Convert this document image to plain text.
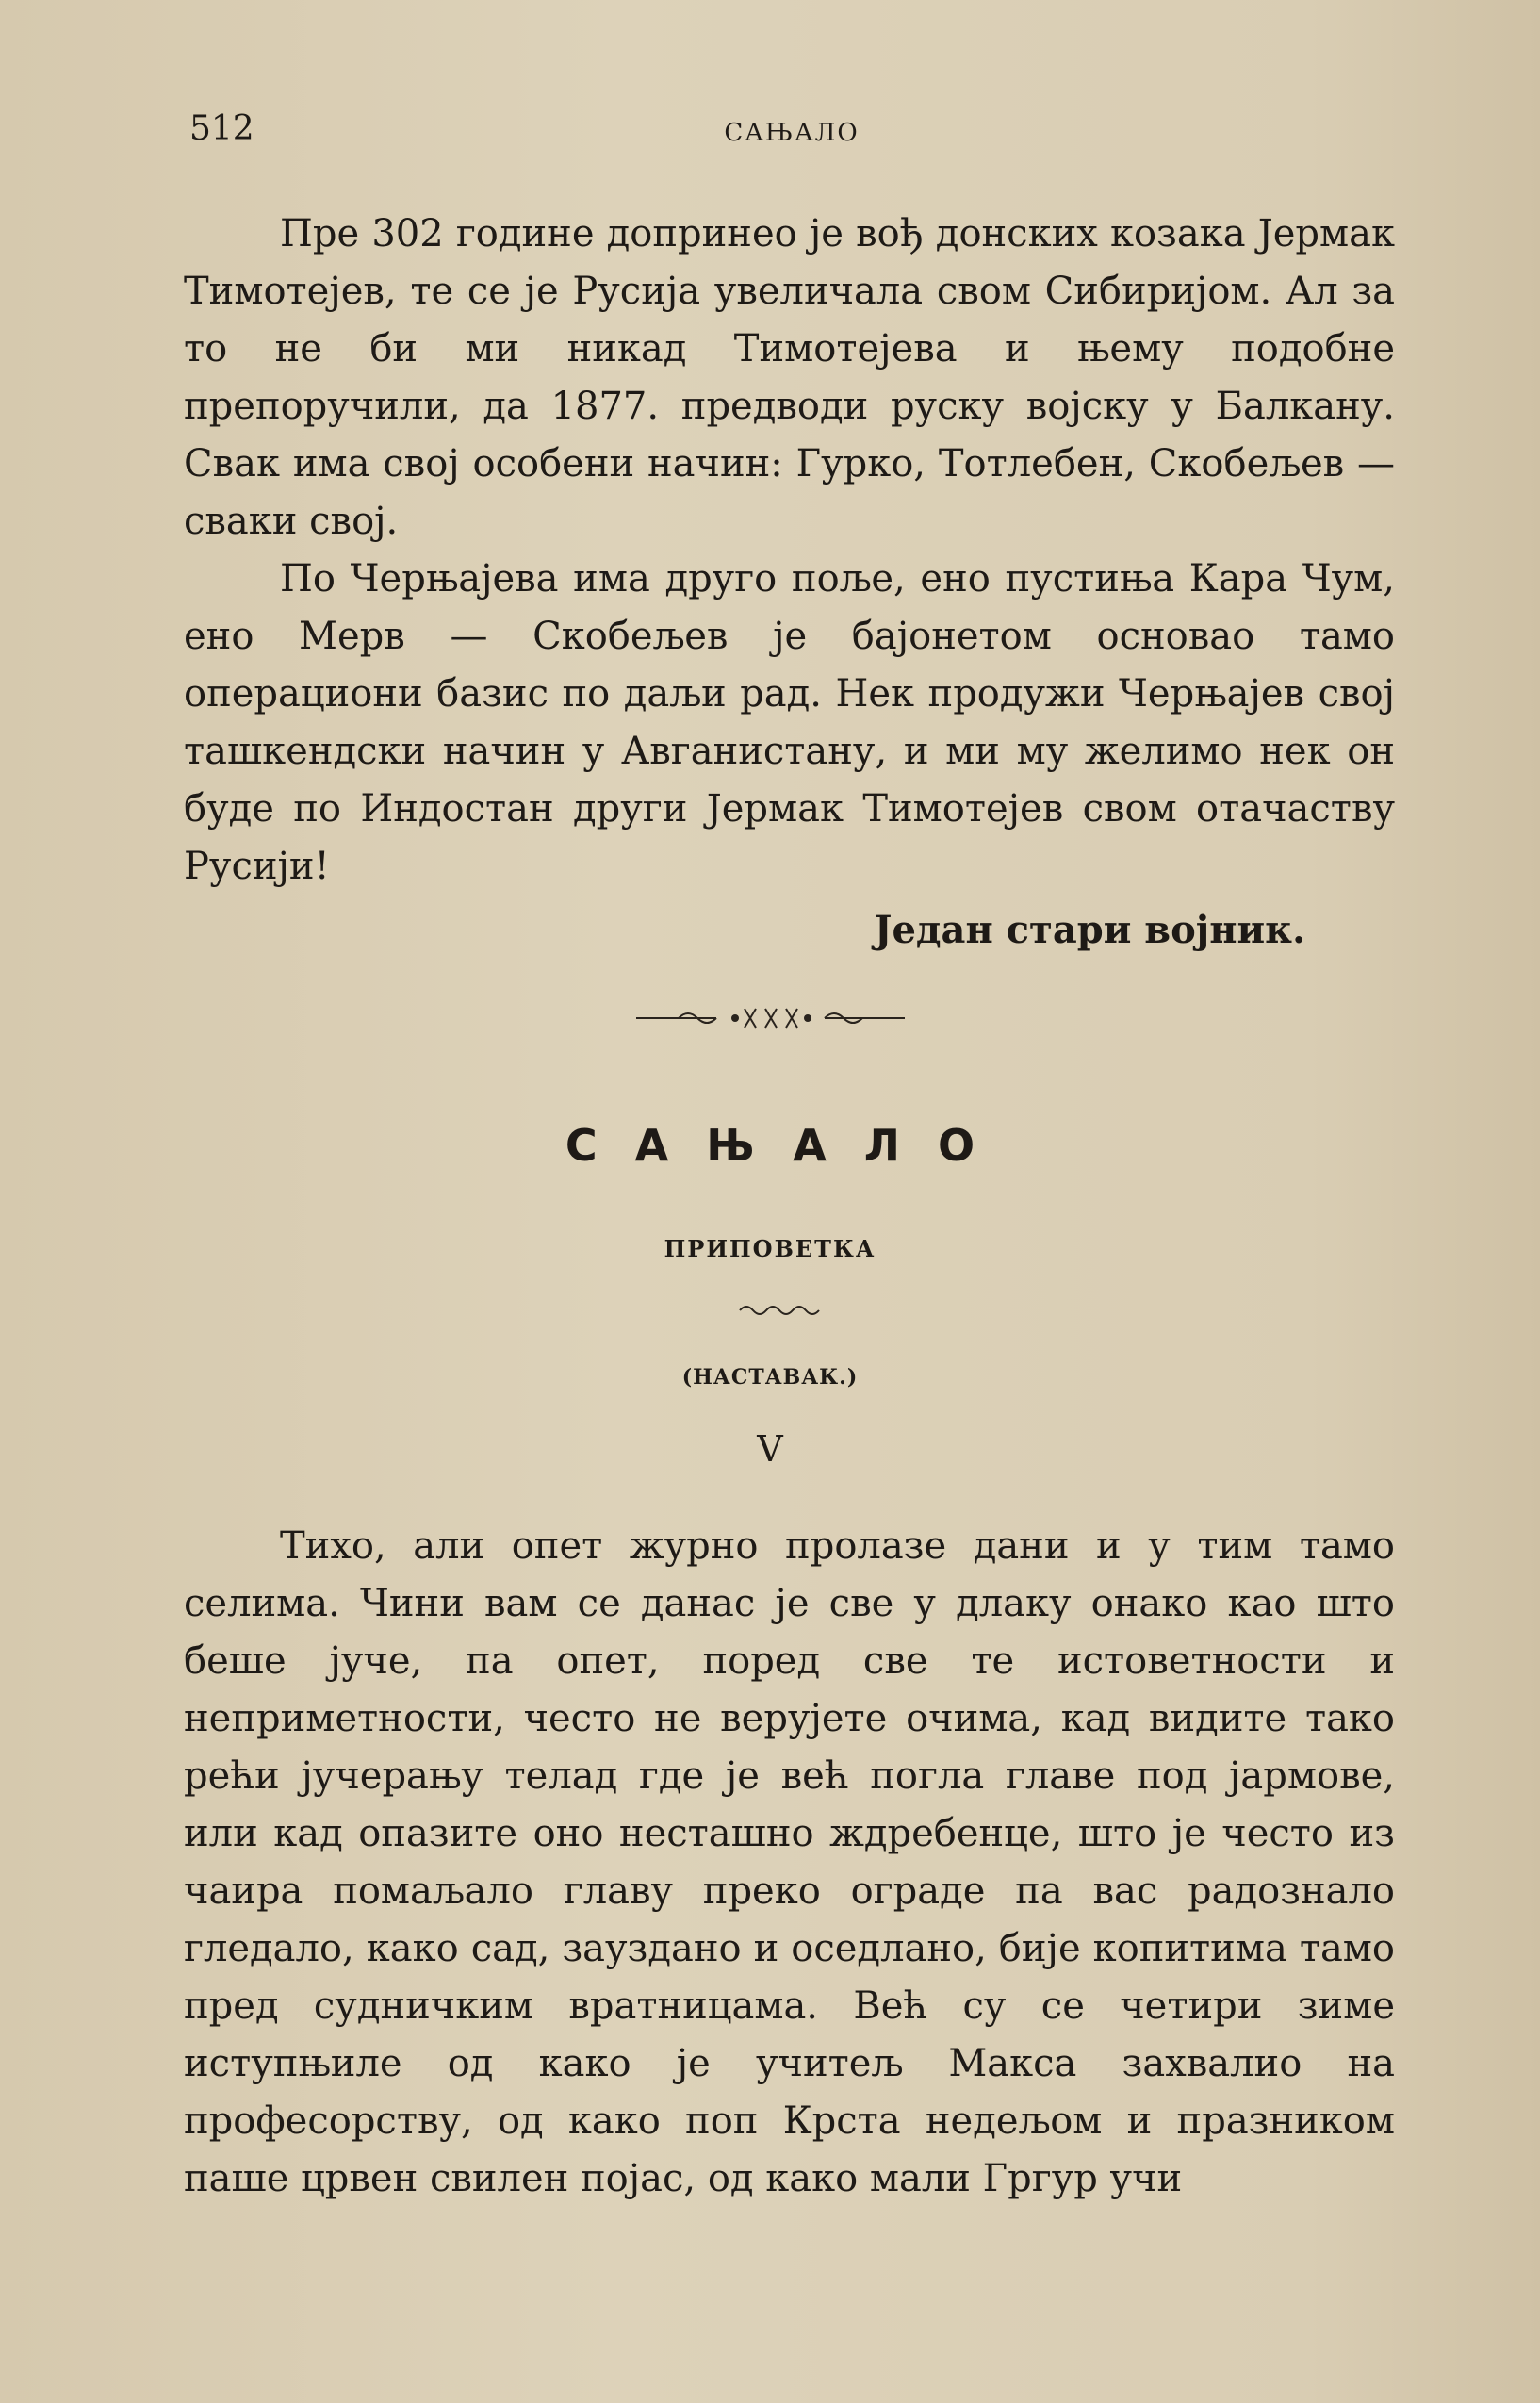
512	САЊАЛО

Пре 302 године допринео је вођ донских козака Јермак Тимотејев, те се је Русија увеличала свом Сибиријом. Ал за то не би ми никад Тимотејева и њему подобне препоручили, да 1877. предводи руску војску у Балкану. Свак има свој особени начин: Гурко, Тотлебен, Скобељев — сваки свој.

По Черњајева има друго поље, ено пустиња Кара Чум, ено Мерв — Скобељев је бајонетом основао тамо операциони базис по даљи рад. Нек продужи Черњајев свој ташкендски начин у Авганистану, и ми му желимо нек он буде по Индостан други Јермак Тимотејев свом отачаству Русији!

Један стари војник.
САЊАЛО
ПРИПОВЕТКА
(НАСТАВАК.)
V

Тихо, али опет журно пролазе дани и у тим тамо селима. Чини вам се данас је све у длаку онако као што беше јуче, па опет, поред све те истоветности и неприметности, често не верујете очима, кад видите тако рећи јучерању телад где је већ погла главе под јармове, или кад опазите оно несташно ждребенце, што је често из чаира помаљало главу преко ограде па вас радознало гледало, како сад, зауздано и оседлано, бије копитима тамо пред судничким вратницама. Већ су се четири зиме иступњиле од како је учитељ Макса захвалио на професорству, од како поп Крста недељом и празником паше црвен свилен појас, од како мали Гргур учи
